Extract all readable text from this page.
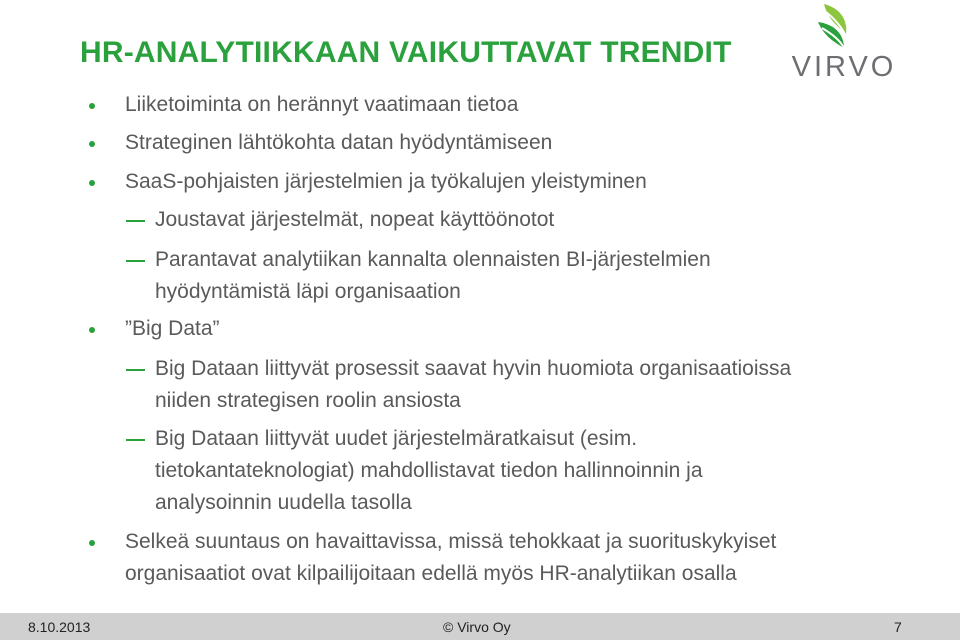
HR-ANALYTIIKKAAN VAIKUTTAVAT TRENDIT VIRVO
Liiketoiminta on herännyt vaatimaan tietoa
Strateginen lähtökohta datan hyödyntämiseen
SaaS-pohjaisten järjestelmien ja työkalujen yleistyminen
Joustavat järjestelmät, nopeat käyttöönotot
Parantavat analytiikan kannalta olennaisten BI-järjestelmien
hyödyntämistä läpi organisaation
”Big Data”
Big Dataan liittyvät prosessit saavat hyvin huomiota organisaatioissa
niiden strategisen roolin ansiosta
Big Dataan liittyvät uudet järjestelmäratkaisut (esim.
tietokantateknologiat) mahdollistavat tiedon hallinnoinnin ja
analysoinnin uudella tasolla
Selkeä suuntaus on havaittavissa, missä tehokkaat ja suorituskykyiset
organisaatiot ovat kilpailijoitaan edellä myös HR-analytiikan osalla
8.10.2013	© Virvo Oy	7
